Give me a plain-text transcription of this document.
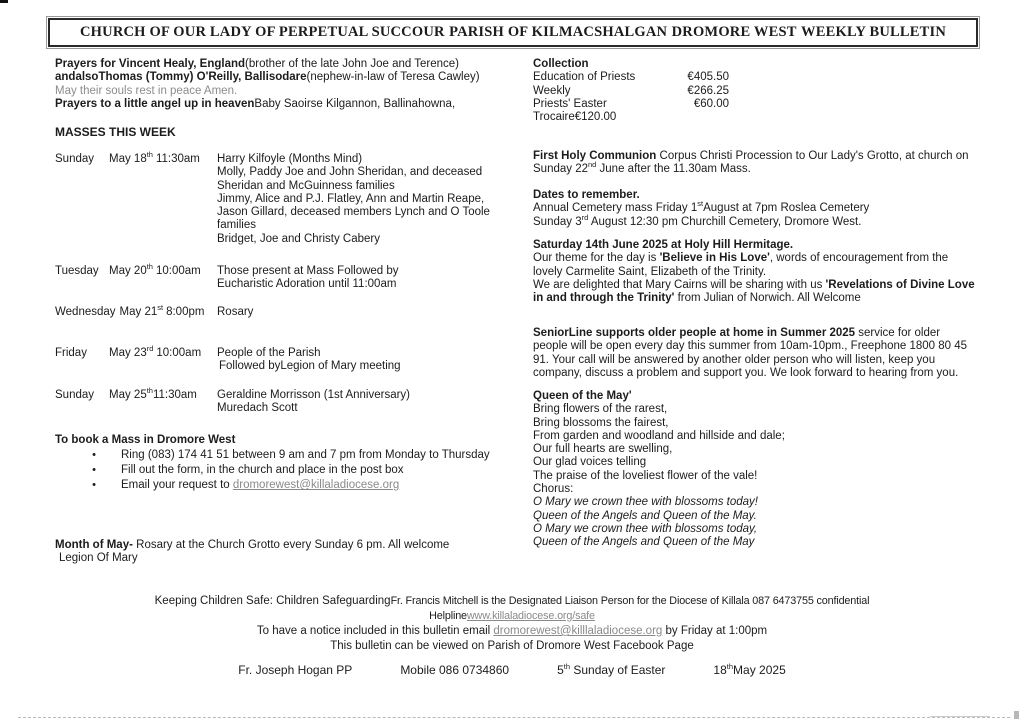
CHURCH OF OUR LADY OF PERPETUAL SUCCOUR PARISH OF KILMACSHALGAN DROMORE WEST WEEKLY BULLETIN
Prayers for Vincent Healy, England(brother of the late John Joe and Terence)
andalsoThomas (Tommy) O'Reilly, Ballisodare(nephew-in-law of Teresa Cawley)
May their souls rest in peace Amen.
Prayers to a little angel up in heavenBaby Saoirse Kilgannon, Ballinahowna,
MASSES THIS WEEK
Sunday May 18th 11:30am Harry Kilfoyle (Months Mind)
Molly, Paddy Joe and John Sheridan, and deceased
Sheridan and McGuinness families
Jimmy, Alice and P.J. Flatley, Ann and Martin Reape,
Jason Gillard, deceased members Lynch and O Toole
families
Bridget, Joe and Christy Cabery
Tuesday May 20th 10:00am Those present at Mass Followed by
Eucharistic Adoration until 11:00am
Wednesday May 21st 8:00pm Rosary
Friday May 23rd 10:00am People of the Parish
Followed byLegion of Mary meeting
Sunday May 25th11:30am Geraldine Morrisson (1st Anniversary)
Muredach Scott
To book a Mass in Dromore West
•	Ring (083) 174 41 51 between 9 am and 7 pm from Monday to Thursday
•	Fill out the form, in the church and place in the post box
•	Email your request to dromorewest@killaladiocese.org
Month of May- Rosary at the Church Grotto every Sunday 6 pm. All welcome
Legion Of Mary
Collection
Education of Priests	€405.50
Weekly	€266.25
Priests' Easter	€60.00
Trocaire€120.00
First Holy Communion Corpus Christi Procession to Our Lady's Grotto, at church on Sunday 22nd June after the 11.30am Mass.
Dates to remember.
Annual Cemetery mass Friday 1stAugust at 7pm Roslea Cemetery
Sunday 3rd August 12:30 pm Churchill Cemetery, Dromore West.
Saturday 14th June 2025 at Holy Hill Hermitage.
Our theme for the day is 'Believe in His Love', words of encouragement from the lovely Carmelite Saint, Elizabeth of the Trinity.
We are delighted that Mary Cairns will be sharing with us 'Revelations of Divine Love in and through the Trinity' from Julian of Norwich. All Welcome
SeniorLine supports older people at home in Summer 2025 service for older people will be open every day this summer from 10am-10pm., Freephone 1800 80 45 91. Your call will be answered by another older person who will listen, keep you company, discuss a problem and support you. We look forward to hearing from you.
Queen of the May'
Bring flowers of the rarest,
Bring blossoms the fairest,
From garden and woodland and hillside and dale;
Our full hearts are swelling,
Our glad voices telling
The praise of the loveliest flower of the vale!
Chorus:
O Mary we crown thee with blossoms today!
Queen of the Angels and Queen of the May.
O Mary we crown thee with blossoms today,
Queen of the Angels and Queen of the May
Keeping Children Safe: Children SafeguardingFr. Francis Mitchell is the Designated Liaison Person for the Diocese of Killala 087 6473755 confidential
Helplinewww.killaladiocese.org/safe
To have a notice included in this bulletin email dromorewest@killlaladiocese.org by Friday at 1:00pm
This bulletin can be viewed on Parish of Dromore West Facebook Page
Fr. Joseph Hogan PP	Mobile 086 0734860	5th Sunday of Easter	18thMay 2025
